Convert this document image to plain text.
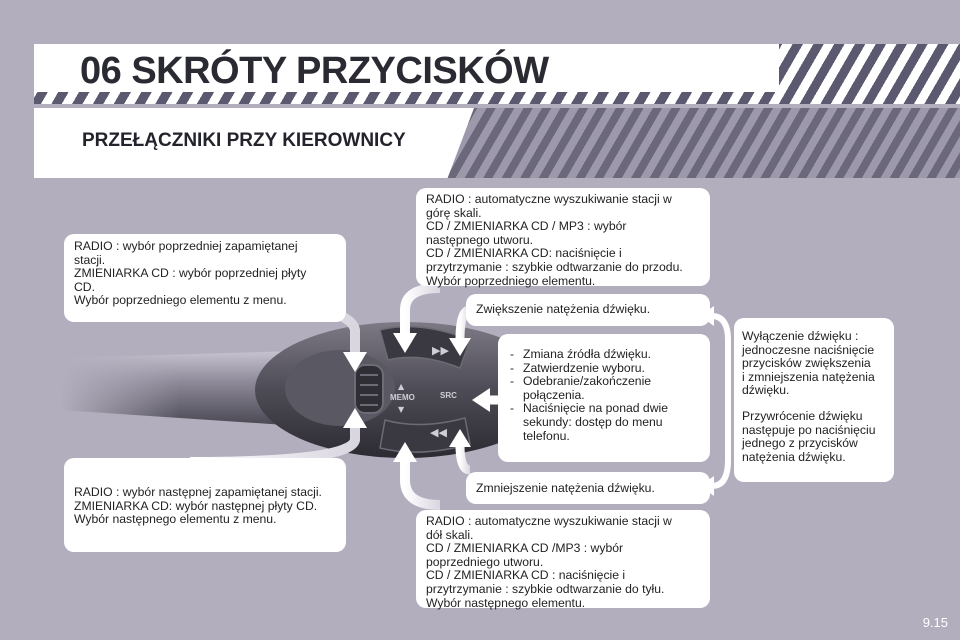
06 SKRÓTY PRZYCISKÓW
PRZEŁĄCZNIKI PRZY KIEROWNICY
▶▶
◀◀
▲
▼
MEMO	SRC
RADIO : wybór poprzedniej zapamiętanej
stacji.
ZMIENIARKA CD : wybór poprzedniej płyty
CD.
Wybór poprzedniego elementu z menu.
RADIO : wybór następnej zapamiętanej stacji.
ZMIENIARKA CD: wybór następnej płyty CD.
Wybór następnego elementu z menu.
RADIO : automatyczne wyszukiwanie stacji w
górę skali.
CD / ZMIENIARKA CD / MP3 : wybór
następnego utworu.
CD / ZMIENIARKA CD: naciśnięcie i
przytrzymanie : szybkie odtwarzanie do przodu.
Wybór poprzedniego elementu.
Zwiększenie natężenia dźwięku.
- Zmiana źródła dźwięku.
- Zatwierdzenie wyboru.
- Odebranie/zakończenie
połączenia.
- Naciśnięcie na ponad dwie
sekundy: dostęp do menu
telefonu.
Zmniejszenie natężenia dźwięku.
RADIO : automatyczne wyszukiwanie stacji w
dół skali.
CD / ZMIENIARKA CD /MP3 : wybór
poprzedniego utworu.
CD / ZMIENIARKA CD : naciśnięcie i
przytrzymanie : szybkie odtwarzanie do tyłu.
Wybór następnego elementu.
Wyłączenie dźwięku :
jednoczesne naciśnięcie
przycisków zwiększenia
i zmniejszenia natężenia
dźwięku.
Przywrócenie dźwięku
następuje po naciśnięciu
jednego z przycisków
natężenia dźwięku.
9.15
